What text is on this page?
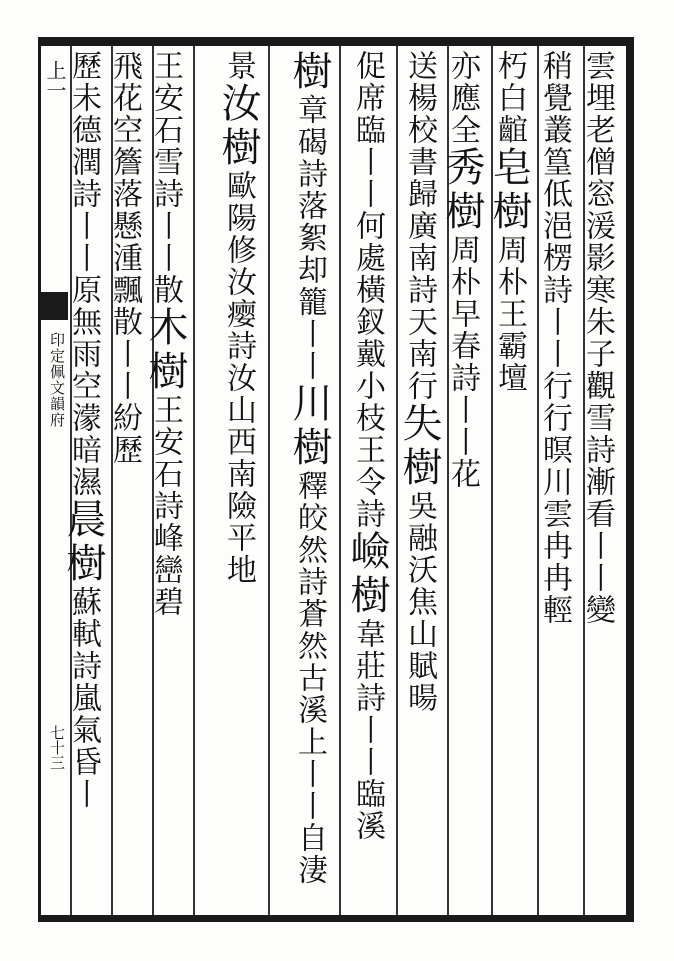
上⼀
印定佩文韻府
七十三
雲埋老僧窓湲影寒朱子觀雪詩漸看丨丨變
稍覺叢篁低浥楞詩丨丨行行暝川雲冉冉輕
朽白𪘲皂樹周朴王霸壇
亦應全秀樹周朴早春詩丨丨花
送楊校書歸廣南詩天南行失樹吳融沃焦山賦暘
促席臨丨丨何處橫釵戴小枝王令詩嶮樹韋莊詩丨丨臨溪
樹章碣詩落絮却籠丨丨川樹釋皎然詩蒼然古溪上丨丨自淒
景汝樹歐陽修汝瘿詩汝山西南險平地
王安石雪詩丨丨散木樹王安石詩峰巒碧
飛花空簷落懸湩飄散丨丨紛歷
歷未德潤詩丨丨原無雨空濛暗濕晨樹蘇軾詩嵐氣昏丨
